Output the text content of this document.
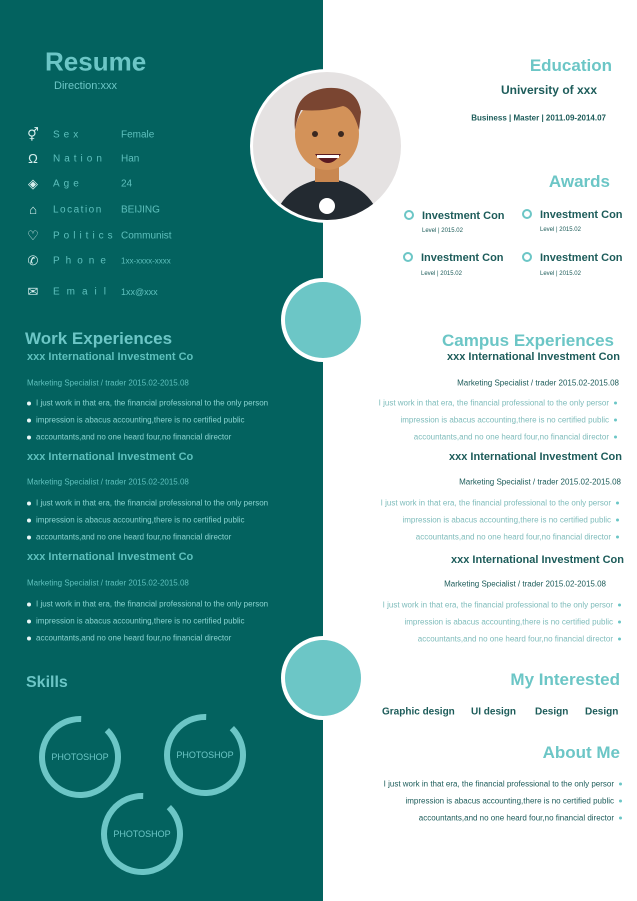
Resume
Direction:xxx
⚥ Sex	Female
Ω Nation Han
◈ Age	24
⌂	Location BEIJING
♡ Politics Communist
✆ Phone 1xx-xxxx-xxxx
✉ Email 1xx@xxx
Work Experiences
xxx International Investment Co
Marketing Specialist / trader 2015.02-2015.08
I just work in that era, the financial professional to the only person
impression is abacus accounting,there is no certified public
accountants,and no one heard four,no financial director
xxx International Investment Co
Marketing Specialist / trader 2015.02-2015.08
I just work in that era, the financial professional to the only person
impression is abacus accounting,there is no certified public
accountants,and no one heard four,no financial director
xxx International Investment Co
Marketing Specialist / trader 2015.02-2015.08
I just work in that era, the financial professional to the only person
impression is abacus accounting,there is no certified public
accountants,and no one heard four,no financial director
Skills
PHOTOSHOP	PHOTOSHOP
PHOTOSHOP
Education
University of xxx
Business | Master | 2011.09-2014.07
Awards
Investment Con
Level | 2015.02
Investment Con
Level | 2015.02
Investment Con
Level | 2015.02
Investment Con
Level | 2015.02
Campus Experiences
xxx International Investment Con
Marketing Specialist / trader 2015.02-2015.08
I just work in that era, the financial professional to the only persor
impression is abacus accounting,there is no certified public
accountants,and no one heard four,no financial director
xxx International Investment Con
Marketing Specialist / trader 2015.02-2015.08
I just work in that era, the financial professional to the only persor
impression is abacus accounting,there is no certified public
accountants,and no one heard four,no financial director
xxx International Investment Con
Marketing Specialist / trader 2015.02-2015.08
I just work in that era, the financial professional to the only persor
impression is abacus accounting,there is no certified public
accountants,and no one heard four,no financial director
My Interested
Graphic design UI design Design Design
About Me
I just work in that era, the financial professional to the only persor
impression is abacus accounting,there is no certified public
accountants,and no one heard four,no financial director
